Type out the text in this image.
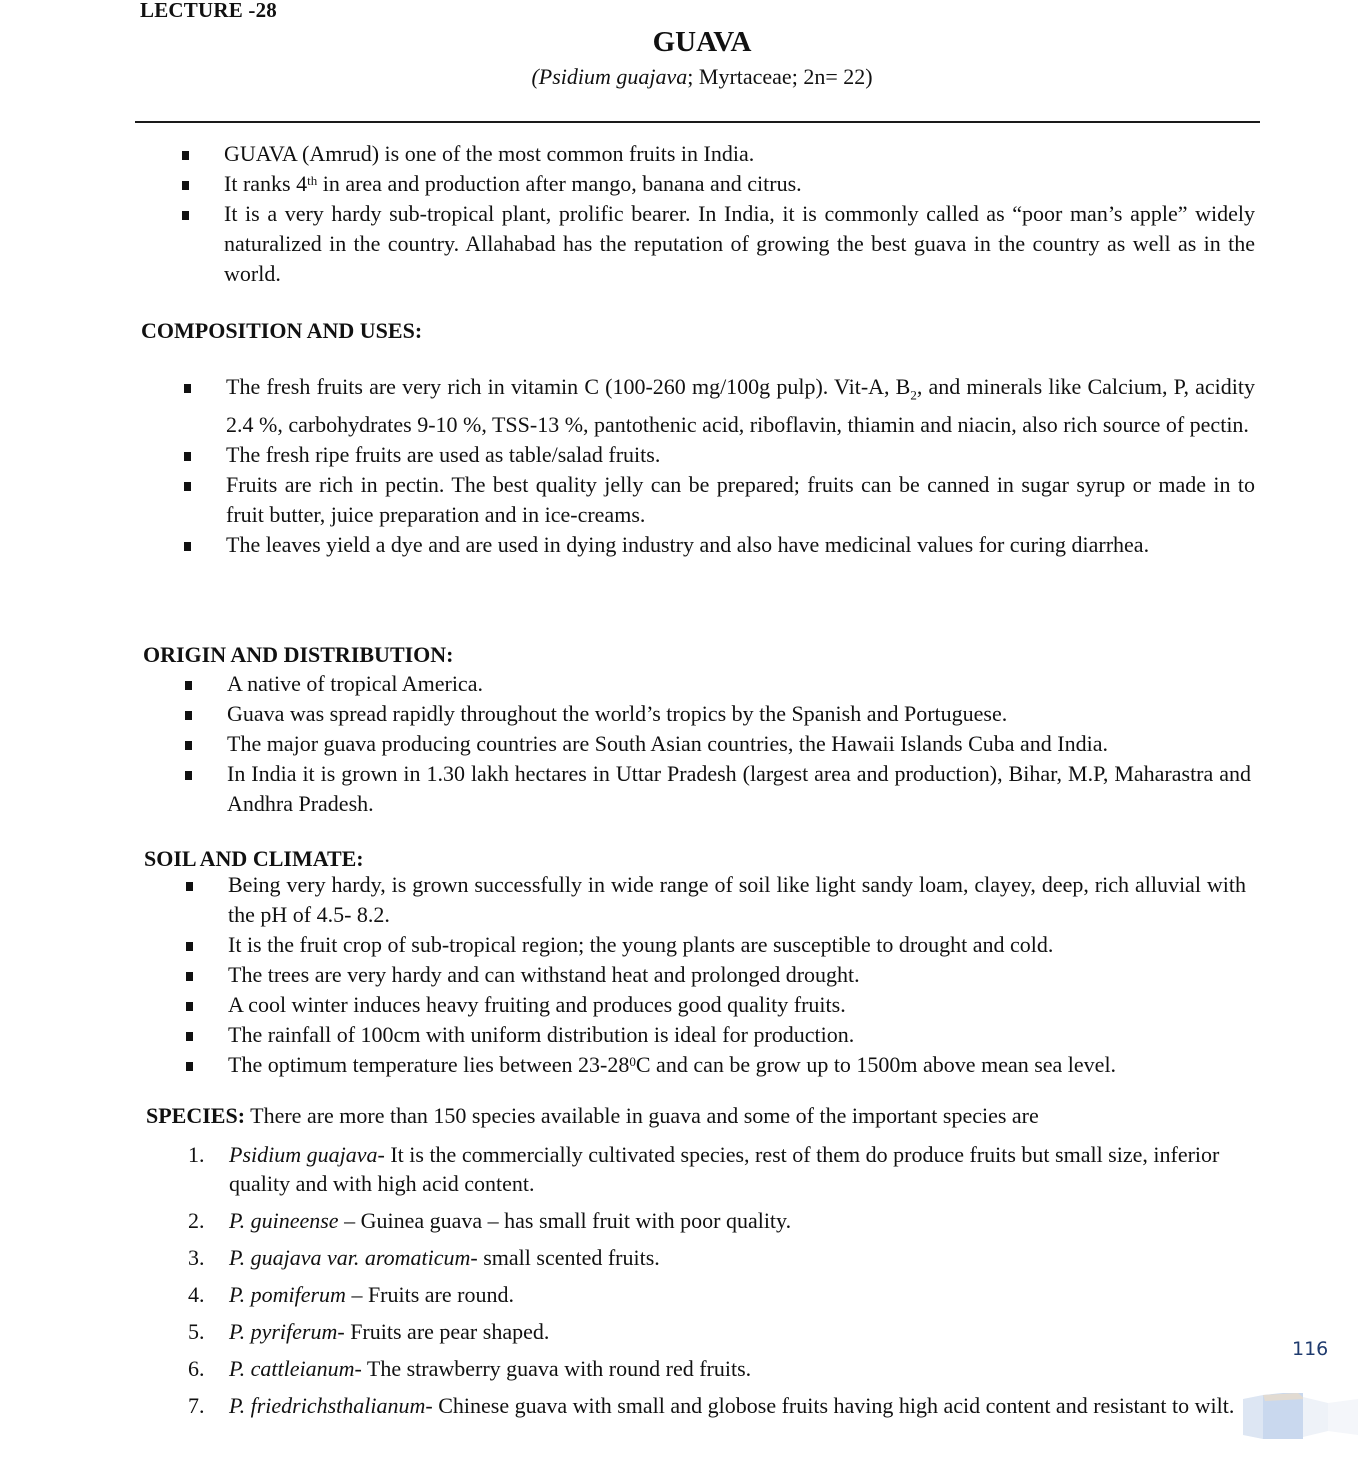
LECTURE -28
GUAVA
(Psidium guajava; Myrtaceae; 2n= 22)
GUAVA (Amrud) is one of the most common fruits in India.
It ranks 4th in area and production after mango, banana and citrus.
It is a very hardy sub-tropical plant, prolific bearer. In India, it is commonly called as “poor man’s apple” widely naturalized in the country. Allahabad has the reputation of growing the best guava in the country as well as in the world.
COMPOSITION AND USES:
The fresh fruits are very rich in vitamin C (100-260 mg/100g pulp). Vit-A, $B_2$, and minerals like Calcium, P, acidity 2.4 %, carbohydrates 9-10 %, TSS-13 %, pantothenic acid, riboflavin, thiamin and niacin, also rich source of pectin.
The fresh ripe fruits are used as table/salad fruits.
Fruits are rich in pectin. The best quality jelly can be prepared; fruits can be canned in sugar syrup or made in to fruit butter, juice preparation and in ice-creams.
The leaves yield a dye and are used in dying industry and also have medicinal values for curing diarrhea.
ORIGIN AND DISTRIBUTION:
A native of tropical America.
Guava was spread rapidly throughout the world’s tropics by the Spanish and Portuguese.
The major guava producing countries are South Asian countries, the Hawaii Islands Cuba and India.
In India it is grown in 1.30 lakh hectares in Uttar Pradesh (largest area and production), Bihar, M.P, Maharastra and Andhra Pradesh.
SOIL AND CLIMATE:
Being very hardy, is grown successfully in wide range of soil like light sandy loam, clayey, deep, rich alluvial with the pH of 4.5- 8.2.
It is the fruit crop of sub-tropical region; the young plants are susceptible to drought and cold.
The trees are very hardy and can withstand heat and prolonged drought.
A cool winter induces heavy fruiting and produces good quality fruits.
The rainfall of 100cm with uniform distribution is ideal for production.
The optimum temperature lies between $23-28^0C$ and can be grow up to 1500m above mean sea level.
SPECIES: There are more than 150 species available in guava and some of the important species are
1. Psidium guajava- It is the commercially cultivated species, rest of them do produce fruits but small size, inferior quality and with high acid content.
2. P. guineense – Guinea guava – has small fruit with poor quality.
3. P. guajava var. aromaticum- small scented fruits.
4. P. pomiferum – Fruits are round.
5. P. pyriferum- Fruits are pear shaped.
6. P. cattleianum- The strawberry guava with round red fruits.
7. P. friedrichsthalianum- Chinese guava with small and globose fruits having high acid content and resistant to wilt.
116
